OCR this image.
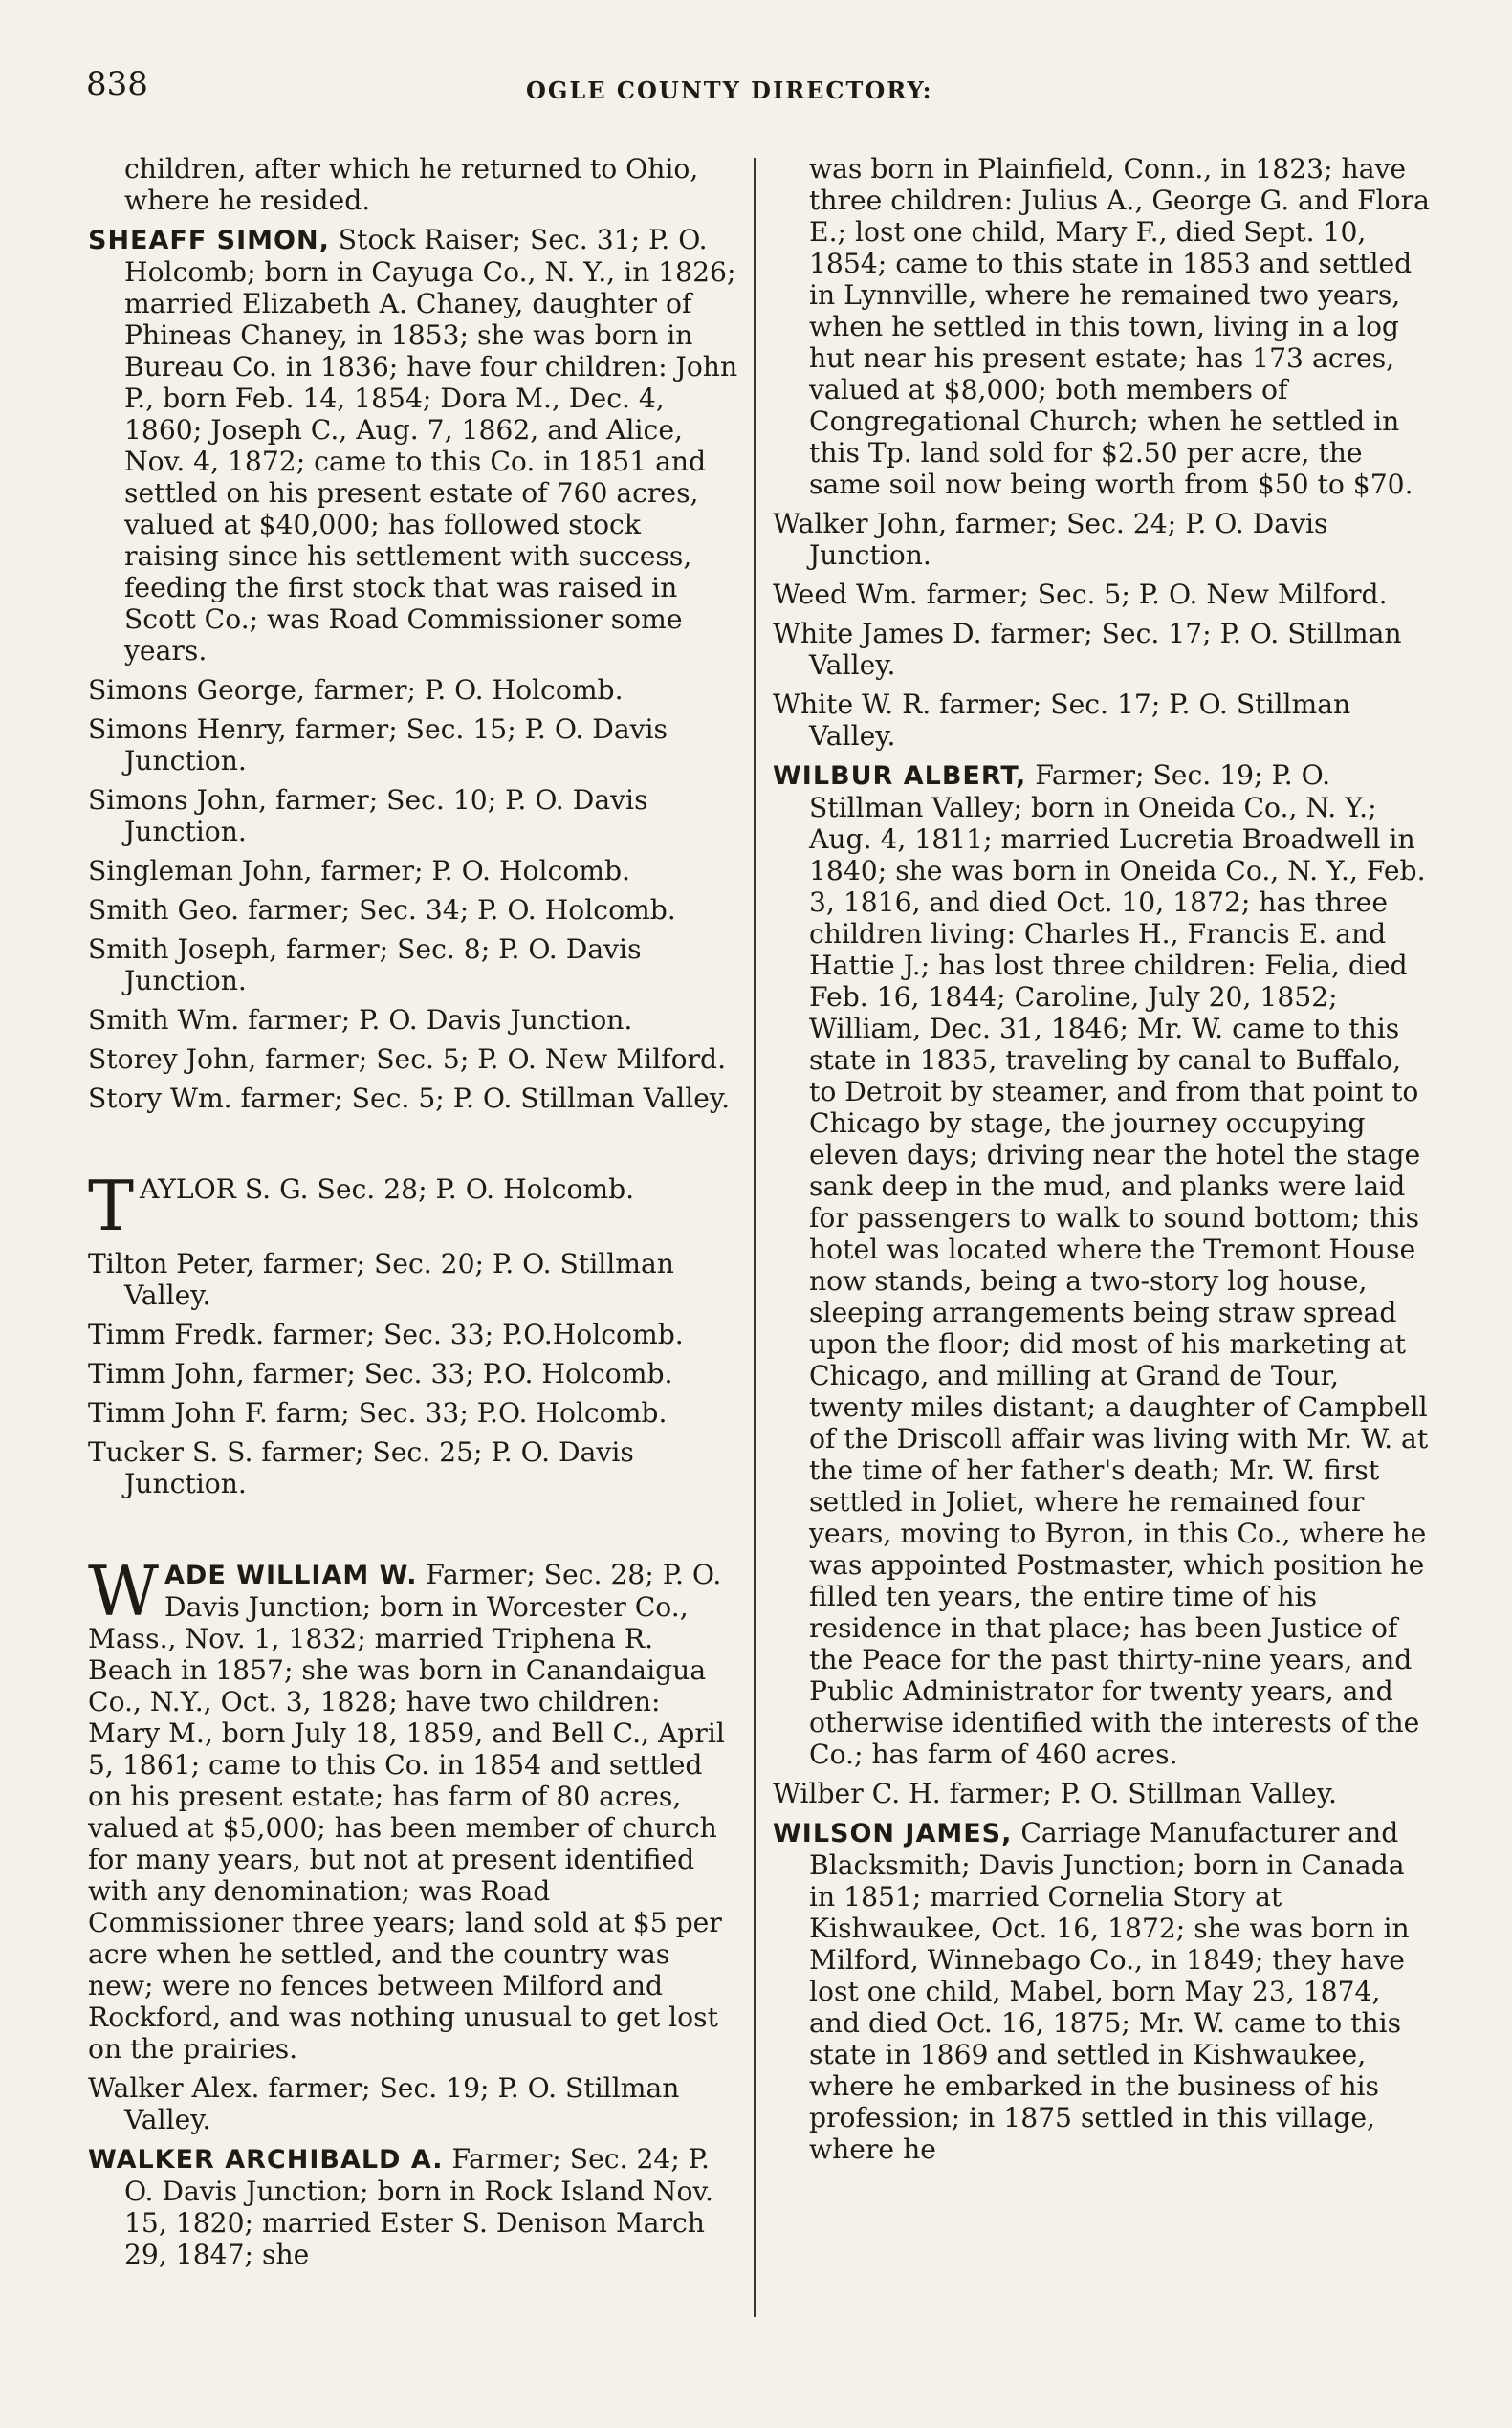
838	OGLE COUNTY DIRECTORY:

children, after which he returned to Ohio, where he resided.

SHEAFF SIMON, Stock Raiser; Sec. 31; P. O. Holcomb; born in Cayuga Co., N. Y., in 1826; married Elizabeth A. Chaney, daughter of Phineas Chaney, in 1853; she was born in Bureau Co. in 1836; have four children: John P., born Feb. 14, 1854; Dora M., Dec. 4, 1860; Joseph C., Aug. 7, 1862, and Alice, Nov. 4, 1872; came to this Co. in 1851 and settled on his present estate of 760 acres, valued at $40,000; has followed stock raising since his settlement with success, feeding the first stock that was raised in Scott Co.; was Road Commissioner some years.

Simons George, farmer; P. O. Holcomb.

Simons Henry, farmer; Sec. 15; P. O. Davis Junction.

Simons John, farmer; Sec. 10; P. O. Davis Junction.

Singleman John, farmer; P. O. Holcomb.

Smith Geo. farmer; Sec. 34; P. O. Holcomb.

Smith Joseph, farmer; Sec. 8; P. O. Davis Junction.

Smith Wm. farmer; P. O. Davis Junction.

Storey John, farmer; Sec. 5; P. O. New Milford.

Story Wm. farmer; Sec. 5; P. O. Stillman Valley.

TAYLOR S. G. Sec. 28; P. O. Holcomb.

Tilton Peter, farmer; Sec. 20; P. O. Stillman Valley.

Timm Fredk. farmer; Sec. 33; P.O.Holcomb.

Timm John, farmer; Sec. 33; P.O. Holcomb.

Timm John F. farm; Sec. 33; P.O. Holcomb.

Tucker S. S. farmer; Sec. 25; P. O. Davis Junction.

WADE WILLIAM W. Farmer; Sec. 28; P. O. Davis Junction; born in Worcester Co., Mass., Nov. 1, 1832; married Triphena R. Beach in 1857; she was born in Canandaigua Co., N.Y., Oct. 3, 1828; have two children: Mary M., born July 18, 1859, and Bell C., April 5, 1861; came to this Co. in 1854 and settled on his present estate; has farm of 80 acres, valued at $5,000; has been member of church for many years, but not at present identified with any denomination; was Road Commissioner three years; land sold at $5 per acre when he settled, and the country was new; were no fences between Milford and Rockford, and was nothing unusual to get lost on the prairies.

Walker Alex. farmer; Sec. 19; P. O. Stillman Valley.

WALKER ARCHIBALD A. Farmer; Sec. 24; P. O. Davis Junction; born in Rock Island Nov. 15, 1820; married Ester S. Denison March 29, 1847; she

was born in Plainfield, Conn., in 1823; have three children: Julius A., George G. and Flora E.; lost one child, Mary F., died Sept. 10, 1854; came to this state in 1853 and settled in Lynnville, where he remained two years, when he settled in this town, living in a log hut near his present estate; has 173 acres, valued at $8,000; both members of Congregational Church; when he settled in this Tp. land sold for $2.50 per acre, the same soil now being worth from $50 to $70.

Walker John, farmer; Sec. 24; P. O. Davis Junction.

Weed Wm. farmer; Sec. 5; P. O. New Milford.

White James D. farmer; Sec. 17; P. O. Stillman Valley.

White W. R. farmer; Sec. 17; P. O. Stillman Valley.

WILBUR ALBERT, Farmer; Sec. 19; P. O. Stillman Valley; born in Oneida Co., N. Y.; Aug. 4, 1811; married Lucretia Broadwell in 1840; she was born in Oneida Co., N. Y., Feb. 3, 1816, and died Oct. 10, 1872; has three children living: Charles H., Francis E. and Hattie J.; has lost three children: Felia, died Feb. 16, 1844; Caroline, July 20, 1852; William, Dec. 31, 1846; Mr. W. came to this state in 1835, traveling by canal to Buffalo, to Detroit by steamer, and from that point to Chicago by stage, the journey occupying eleven days; driving near the hotel the stage sank deep in the mud, and planks were laid for passengers to walk to sound bottom; this hotel was located where the Tremont House now stands, being a two-story log house, sleeping arrangements being straw spread upon the floor; did most of his marketing at Chicago, and milling at Grand de Tour, twenty miles distant; a daughter of Campbell of the Driscoll affair was living with Mr. W. at the time of her father's death; Mr. W. first settled in Joliet, where he remained four years, moving to Byron, in this Co., where he was appointed Postmaster, which position he filled ten years, the entire time of his residence in that place; has been Justice of the Peace for the past thirty-nine years, and Public Administrator for twenty years, and otherwise identified with the interests of the Co.; has farm of 460 acres.

Wilber C. H. farmer; P. O. Stillman Valley.

WILSON JAMES, Carriage Manufacturer and Blacksmith; Davis Junction; born in Canada in 1851; married Cornelia Story at Kishwaukee, Oct. 16, 1872; she was born in Milford, Winnebago Co., in 1849; they have lost one child, Mabel, born May 23, 1874, and died Oct. 16, 1875; Mr. W. came to this state in 1869 and settled in Kishwaukee, where he embarked in the business of his profession; in 1875 settled in this village, where he
